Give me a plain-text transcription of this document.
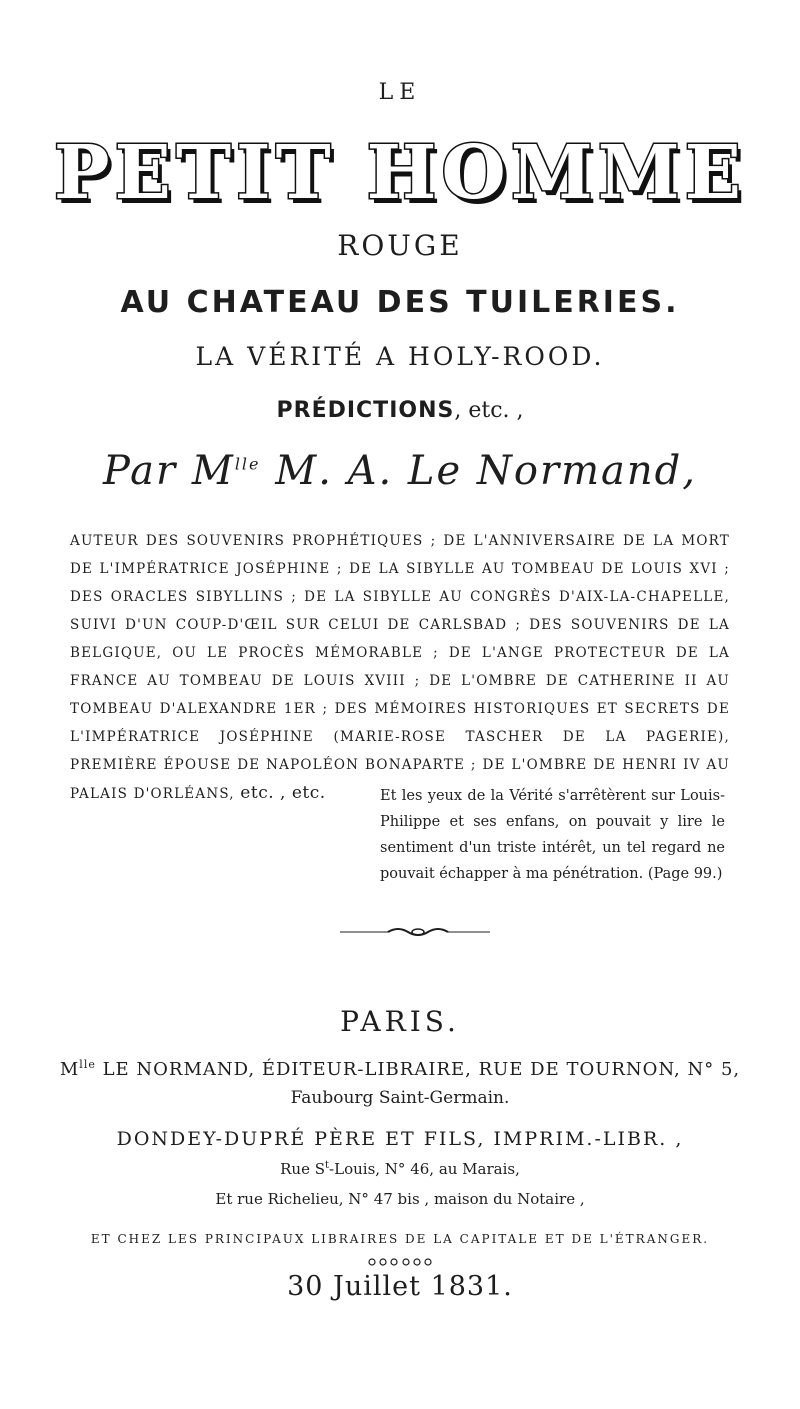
LE
PETIT HOMME
ROUGE
AU CHATEAU DES TUILERIES.
LA VÉRITÉ A HOLY-ROOD.
PRÉDICTIONS, etc. ,
Par $M^{lle}$ M. A. Le Normand,
AUTEUR DES SOUVENIRS PROPHÉTIQUES ; DE L'ANNIVERSAIRE DE LA MORT DE L'IMPÉRATRICE JOSÉPHINE ; DE LA SIBYLLE AU TOMBEAU DE LOUIS XVI ; DES ORACLES SIBYLLINS ; DE LA SIBYLLE AU CONGRÈS D'AIX-LA-CHAPELLE, SUIVI D'UN COUP-D'ŒIL SUR CELUI DE CARLSBAD ; DES SOUVENIRS DE LA BELGIQUE, OU LE PROCÈS MÉMORABLE ; DE L'ANGE PROTECTEUR DE LA FRANCE AU TOMBEAU DE LOUIS XVIII ; DE L'OMBRE DE CATHERINE II AU TOMBEAU D'ALEXANDRE 1ER ; DES MÉMOIRES HISTORIQUES ET SECRETS DE L'IMPÉRATRICE JOSÉPHINE (MARIE-ROSE TASCHER DE LA PAGERIE), PREMIÈRE ÉPOUSE DE NAPOLÉON BONAPARTE ; DE L'OMBRE DE HENRI IV AU PALAIS D'ORLÉANS, etc. , etc.	Et les yeux de la Vérité s'arrêtèrent sur Louis-Philippe et ses enfans, on pouvait y lire le sentiment d'un triste intérêt, un tel regard ne pouvait échapper à ma pénétration. (Page 99.)
PARIS.
$M^{lle}$ LE NORMAND, ÉDITEUR-LIBRAIRE, RUE DE TOURNON, N° 5,
Faubourg Saint-Germain.
DONDEY-DUPRÉ PÈRE ET FILS, IMPRIM.-LIBR. ,
Rue $S^t$-Louis, N° 46, au Marais,
Et rue Richelieu, N° 47 bis , maison du Notaire ,
ET CHEZ LES PRINCIPAUX LIBRAIRES DE LA CAPITALE ET DE L'ÉTRANGER.
30 Juillet 1831.
